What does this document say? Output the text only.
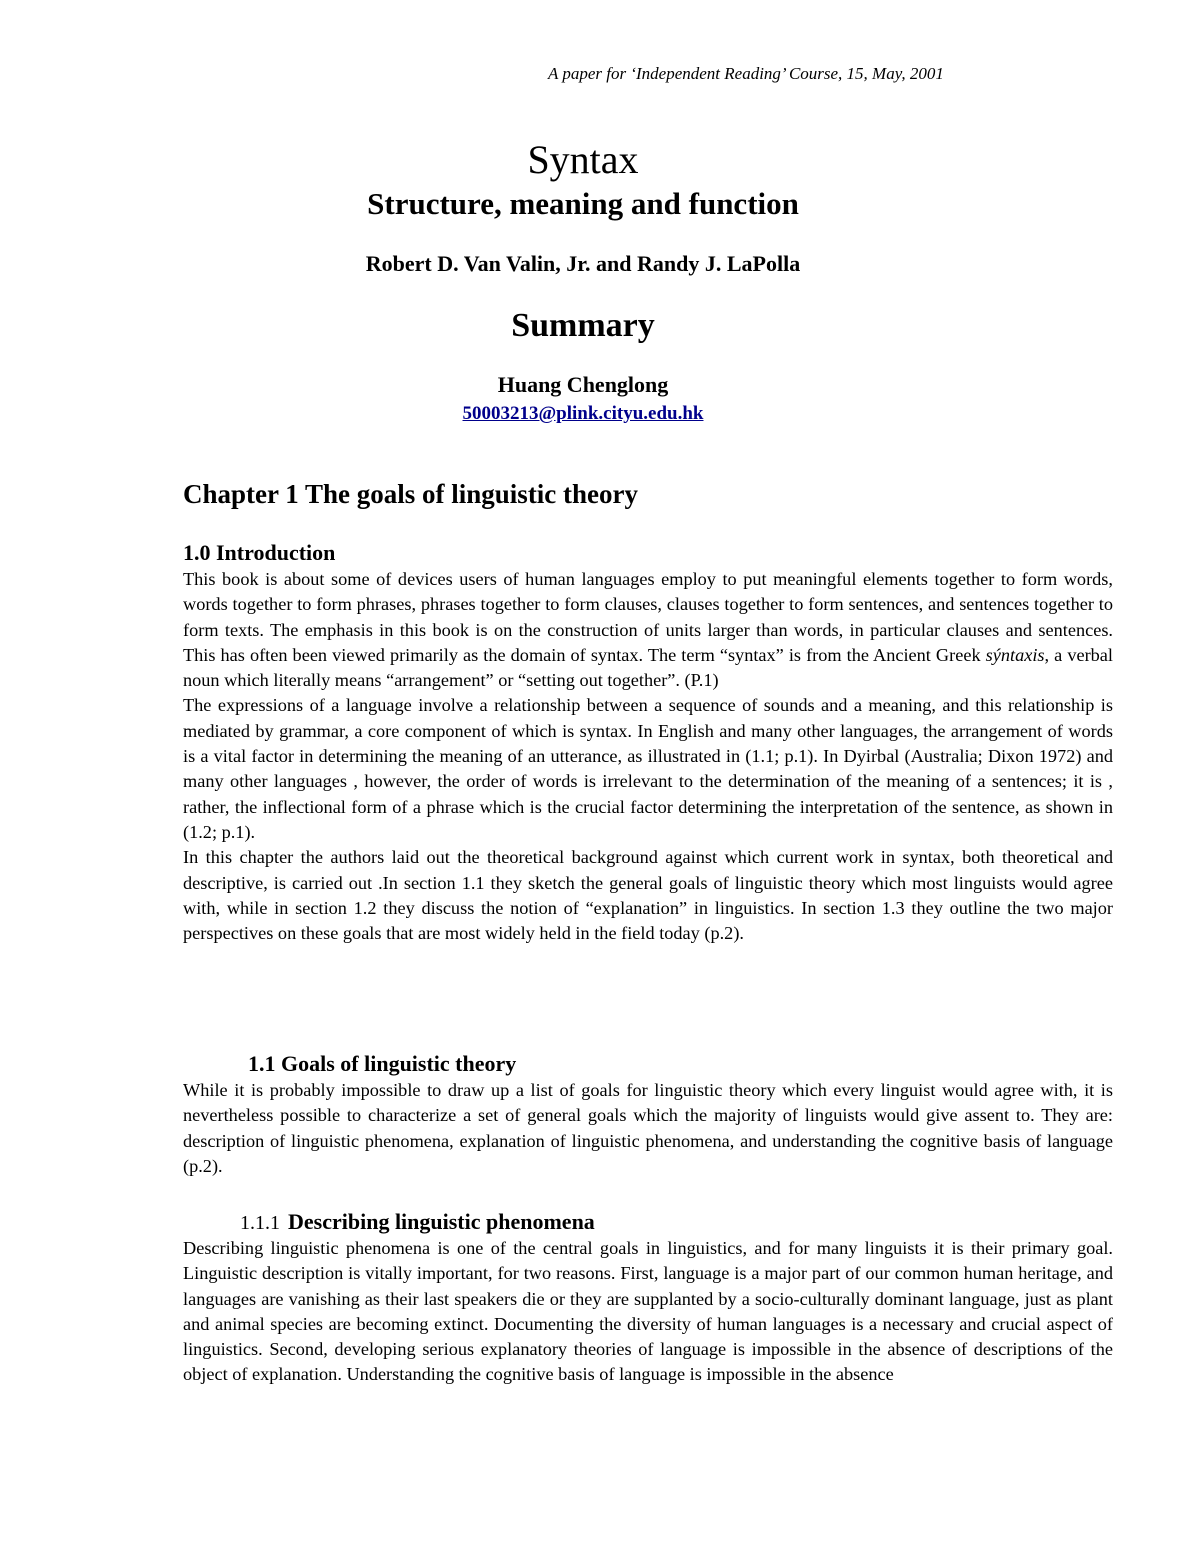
A paper for ‘Independent Reading’ Course, 15, May, 2001
Syntax
Structure, meaning and function
Robert D. Van Valin, Jr. and Randy J. LaPolla
Summary
Huang Chenglong
50003213@plink.cityu.edu.hk
Chapter 1 The goals of linguistic theory
1.0 Introduction

This book is about some of devices users of human languages employ to put meaningful elements together to form words, words together to form phrases, phrases together to form clauses, clauses together to form sentences, and sentences together to form texts. The emphasis in this book is on the construction of units larger than words, in particular clauses and sentences. This has often been viewed primarily as the domain of syntax. The term “syntax” is from the Ancient Greek sýntaxis, a verbal noun which literally means “arrangement” or “setting out together”. (P.1)

The expressions of a language involve a relationship between a sequence of sounds and a meaning, and this relationship is mediated by grammar, a core component of which is syntax. In English and many other languages, the arrangement of words is a vital factor in determining the meaning of an utterance, as illustrated in (1.1; p.1). In Dyirbal (Australia; Dixon 1972) and many other languages , however, the order of words is irrelevant to the determination of the meaning of a sentences; it is , rather, the inflectional form of a phrase which is the crucial factor determining the interpretation of the sentence, as shown in (1.2; p.1).

In this chapter the authors laid out the theoretical background against which current work in syntax, both theoretical and descriptive, is carried out .In section 1.1 they sketch the general goals of linguistic theory which most linguists would agree with, while in section 1.2 they discuss the notion of “explanation” in linguistics. In section 1.3 they outline the two major perspectives on these goals that are most widely held in the field today (p.2).

1.1 Goals of linguistic theory

While it is probably impossible to draw up a list of goals for linguistic theory which every linguist would agree with, it is nevertheless possible to characterize a set of general goals which the majority of linguists would give assent to. They are: description of linguistic phenomena, explanation of linguistic phenomena, and understanding the cognitive basis of language (p.2).

1.1.1 Describing linguistic phenomena

Describing linguistic phenomena is one of the central goals in linguistics, and for many linguists it is their primary goal. Linguistic description is vitally important, for two reasons. First, language is a major part of our common human heritage, and languages are vanishing as their last speakers die or they are supplanted by a socio-culturally dominant language, just as plant and animal species are becoming extinct. Documenting the diversity of human languages is a necessary and crucial aspect of linguistics. Second, developing serious explanatory theories of language is impossible in the absence of descriptions of the object of explanation. Understanding the cognitive basis of language is impossible in the absence
